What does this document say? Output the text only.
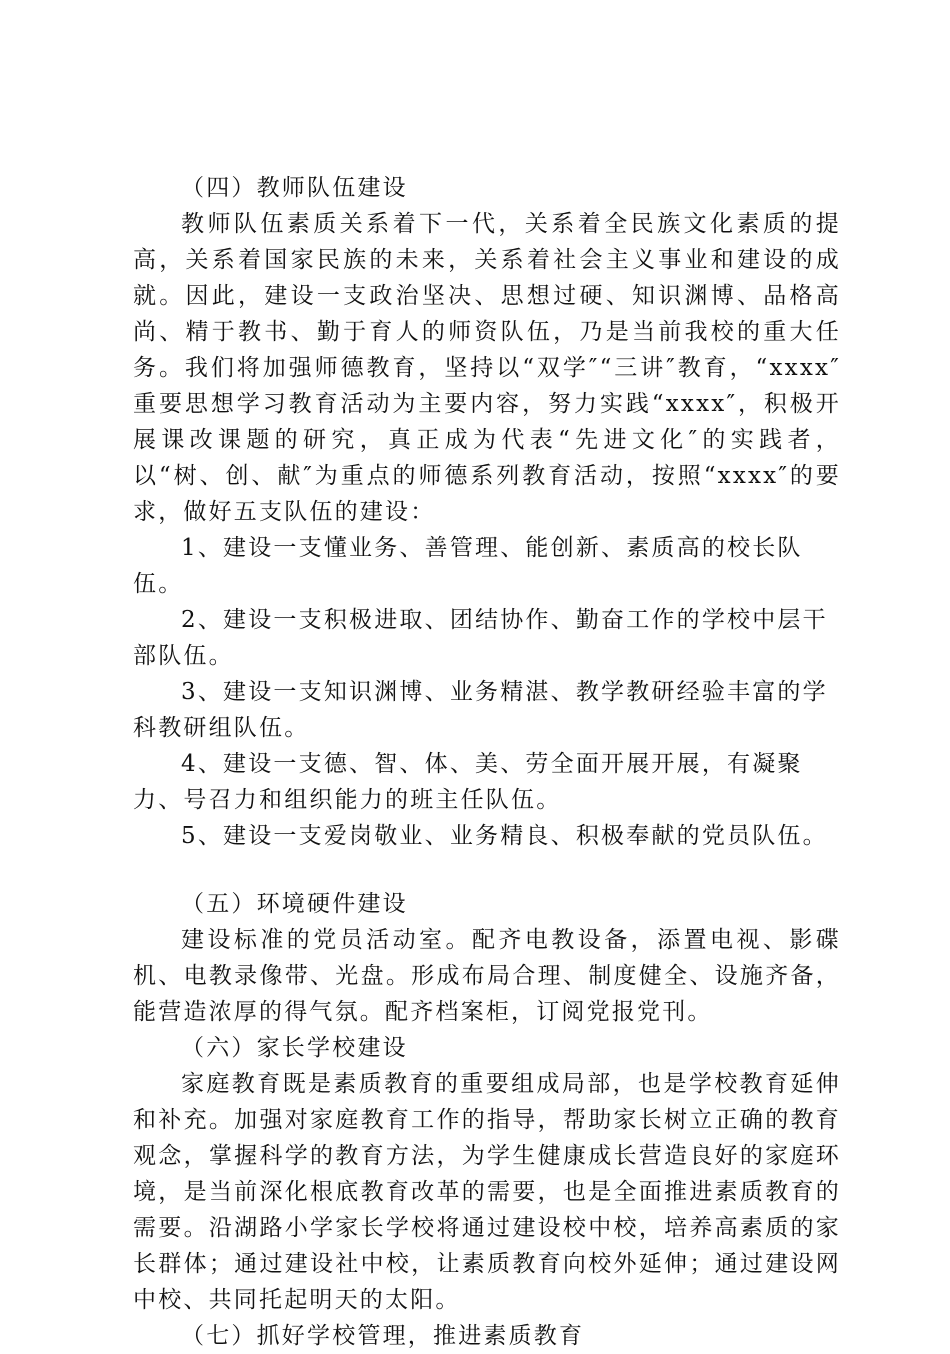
（四）教师队伍建设

教师队伍素质关系着下一代，关系着全民族文化素质的提高，关系着国家民族的未来，关系着社会主义事业和建设的成就。因此，建设一支政治坚决、思想过硬、知识渊博、品格高尚、精于教书、勤于育人的师资队伍，乃是当前我校的重大任务。我们将加强师德教育，坚持以“双学″“三讲″教育，“xxxx″重要思想学习教育活动为主要内容，努力实践“xxxx″，积极开展课改课题的研究，真正成为代表“先进文化″的实践者，以“树、创、献″为重点的师德系列教育活动，按照“xxxx″的要求，做好五支队伍的建设：

1、建设一支懂业务、善管理、能创新、素质高的校长队伍。

2、建设一支积极进取、团结协作、勤奋工作的学校中层干部队伍。

3、建设一支知识渊博、业务精湛、教学教研经验丰富的学科教研组队伍。

4、建设一支德、智、体、美、劳全面开展开展，有凝聚力、号召力和组织能力的班主任队伍。

5、建设一支爱岗敬业、业务精良、积极奉献的党员队伍。

（五）环境硬件建设

建设标准的党员活动室。配齐电教设备，添置电视、影碟机、电教录像带、光盘。形成布局合理、制度健全、设施齐备，能营造浓厚的得气氛。配齐档案柜，订阅党报党刊。

（六）家长学校建设

家庭教育既是素质教育的重要组成局部，也是学校教育延伸和补充。加强对家庭教育工作的指导，帮助家长树立正确的教育观念，掌握科学的教育方法，为学生健康成长营造良好的家庭环境，是当前深化根底教育改革的需要，也是全面推进素质教育的需要。沿湖路小学家长学校将通过建设校中校，培养高素质的家长群体；通过建设社中校，让素质教育向校外延伸；通过建设网中校、共同托起明天的太阳。

（七）抓好学校管理，推进素质教育
